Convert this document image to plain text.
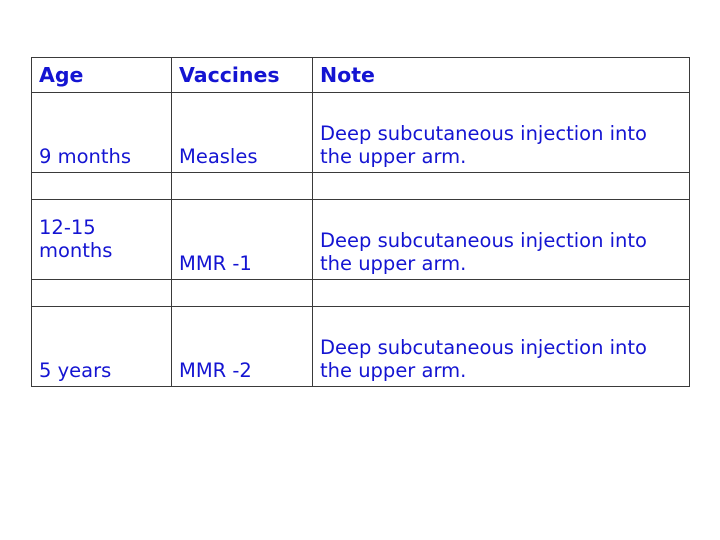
Age	Vaccines	Note
9 months	Measles	Deep subcutaneous injection into the upper arm.

12-15 months	MMR -1	Deep subcutaneous injection into the upper arm.

5 years	MMR -2	Deep subcutaneous injection into the upper arm.
